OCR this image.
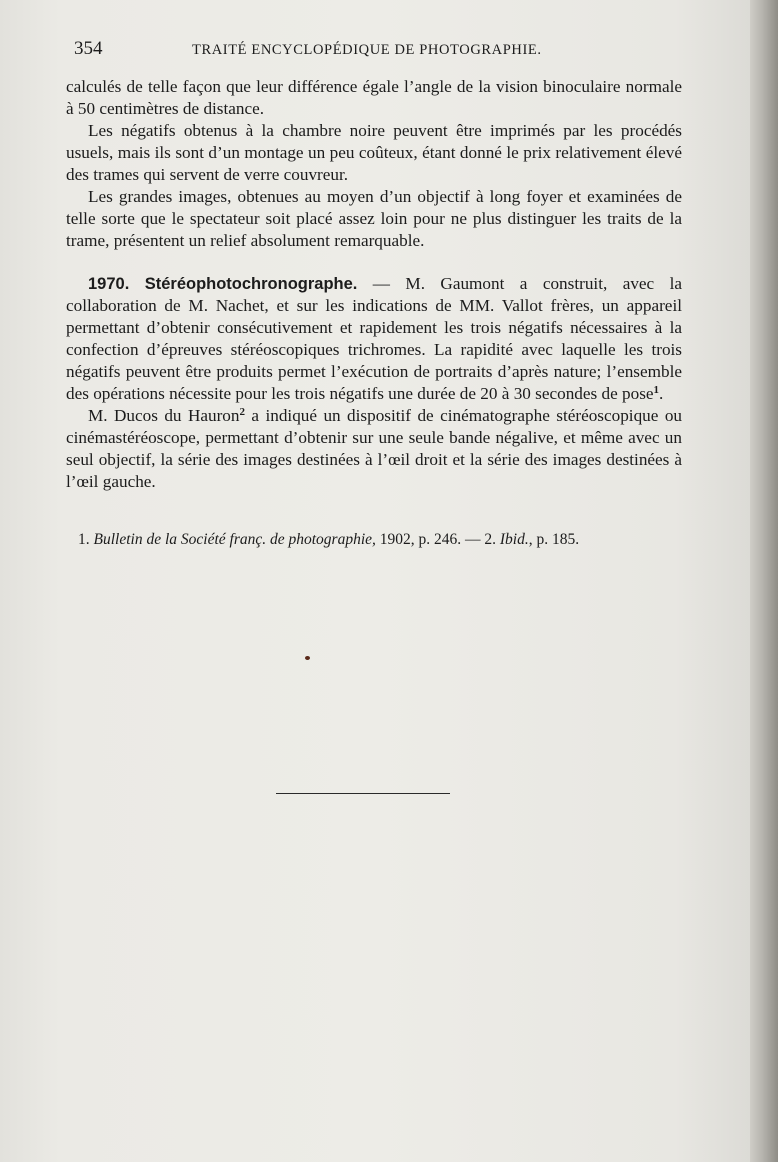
354	TRAITÉ ENCYCLOPÉDIQUE DE PHOTOGRAPHIE.

calculés de telle façon que leur différence égale l’angle de la vision binoculaire normale à 50 centimètres de distance.

Les négatifs obtenus à la chambre noire peuvent être imprimés par les procédés usuels, mais ils sont d’un montage un peu coûteux, étant donné le prix relativement élevé des trames qui servent de verre couvreur.

Les grandes images, obtenues au moyen d’un objectif à long foyer et examinées de telle sorte que le spectateur soit placé assez loin pour ne plus distinguer les traits de la trame, présentent un relief absolument remarquable.

1970. Stéréophotochronographe. — M. Gaumont a construit, avec la collaboration de M. Nachet, et sur les indications de MM. Vallot frères, un appareil permettant d’obtenir consécutivement et rapidement les trois négatifs nécessaires à la confection d’épreuves stéréoscopiques trichromes. La rapidité avec laquelle les trois négatifs peuvent être produits permet l’exécution de portraits d’après nature; l’ensemble des opérations nécessite pour les trois négatifs une durée de 20 à 30 secondes de pose$^1$.

M. Ducos du Hauron$^2$ a indiqué un dispositif de cinématographe stéréoscopique ou cinémastéréoscope, permettant d’obtenir sur une seule bande négalive, et même avec un seul objectif, la série des images destinées à l’œil droit et la série des images destinées à l’œil gauche.

1. Bulletin de la Société franç. de photographie, 1902, p. 246. — 2. Ibid., p. 185.
